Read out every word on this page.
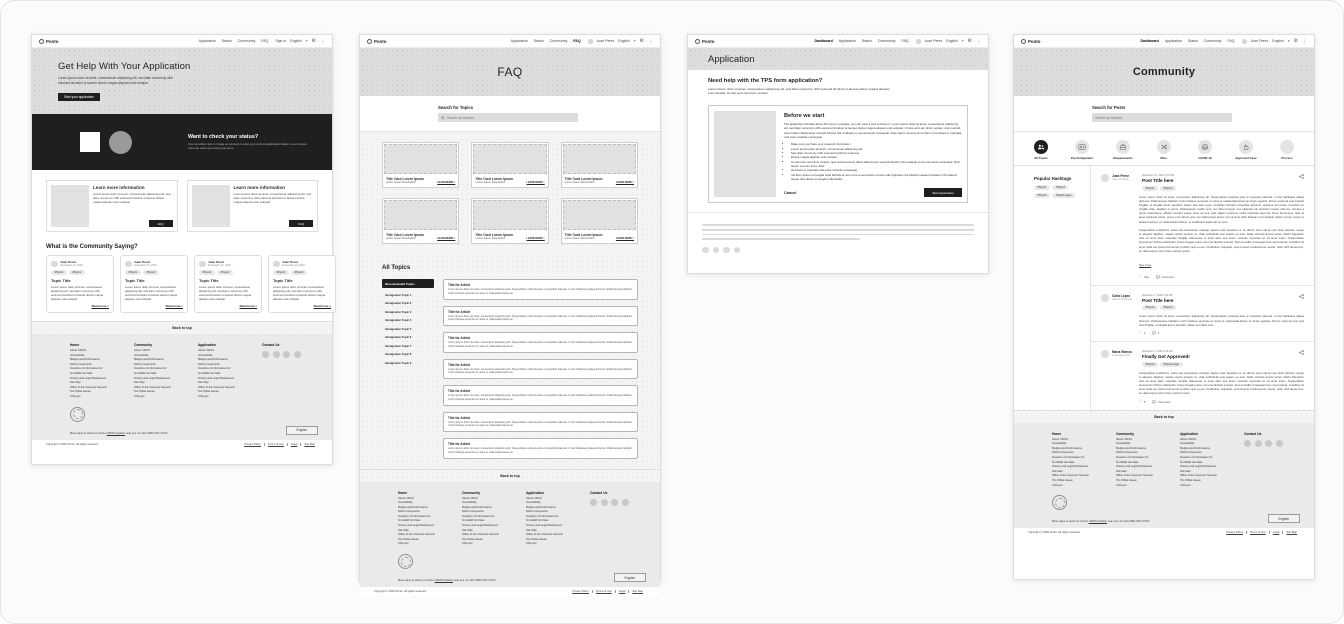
Ponto	Application Status Community FAQ Sign In English ▾ ⚙ ⋮
Get Help With Your Application

Lorem ipsum dolor sit amet, consectetuer adipiscing elit, sed diam nonummy nibh euismod tincidunt ut laoreet dolore magna aliquam erat volutpat.

Start your application
Want to check your status?

You can either sign in create an account to view your current application status. Lorem ipsum mas onu usina que tengo que pone.

Learn more information

Lorem ipsum dolor sit amet, consectetuer adipiscing elit, sed diam nonummy nibh euismod tincidunt ut laoreet dolore magna aliquam erat volutpat.

FAQ
Learn more information

Lorem ipsum dolor sit amet, consectetuer adipiscing elit, sed diam nonummy nibh euismod tincidunt ut laoreet dolore magna aliquam erat volutpat.

FAQ
What is the Community Saying?
Juan Perez
November 13, 2020
#Topic1	#Topic2
Topic Title
Lorem ipsum dolor sit amet, consectetuer adipiscing elit, sed diam nonummy nibh euismod tincidunt ut laoreet dolore magna aliquam erat volutpat.
Read more >
Juan Perez
November 13, 2020
#Topic1	#Topic2
Topic Title
Lorem ipsum dolor sit amet, consectetuer adipiscing elit, sed diam nonummy nibh euismod tincidunt ut laoreet dolore magna aliquam erat volutpat.
Read more >
Juan Perez
November 13, 2020
#Topic1	#Topic2
Topic Title
Lorem ipsum dolor sit amet, consectetuer adipiscing elit, sed diam nonummy nibh euismod tincidunt ut laoreet dolore magna aliquam erat volutpat.
Read more >
Juan Perez
November 13, 2020
#Topic1	#Topic2
Topic Title
Lorem ipsum dolor sit amet, consectetuer adipiscing elit, sed diam nonummy nibh euismod tincidunt ut laoreet dolore magna aliquam erat volutpat.
Read more >
Back to top
Home
About USCIS
Accessibility
Budget and Performance
DHS Components
Freedom of Information Act
No FEAR Act Data
Privacy and Legal Disclaimers
Site Map
Office of the Inspector General
The White House
USA.gov
Community
About USCIS
Accessibility
Budget and Performance
DHS Components
Freedom of Information Act
No FEAR Act Data
Privacy and Legal Disclaimers
Site Map
Office of the Inspector General
The White House
USA.gov
Application
About USCIS
Accessibility
Budget and Performance
DHS Components
Freedom of Information Act
No FEAR Act Data
Privacy and Legal Disclaimers
Site Map
Office of the Inspector General
The White House
USA.gov
Contact Us
More ways to reach us: Find a USCIS location near you. Or call 1-800-XXX-XXXX.
English
Copyright © 2020 Ponto. All rights reserved.	Privacy Policy	Terms of Use	Legal	Site Map
Ponto	Application Status Community FAQ	Juan Perez English ▾ ⚙ ⋮
FAQ
Search for Topics
Search by keyword
Title Card Lorem Ipsum
Lorem Ipsum Description	LEARN MORE >
Title Card Lorem Ipsum
Lorem Ipsum Description	LEARN MORE >
Title Card Lorem Ipsum
Lorem Ipsum Description	LEARN MORE >
Title Card Lorem Ipsum
Lorem Ipsum Description	LEARN MORE >
Title Card Lorem Ipsum
Lorem Ipsum Description	LEARN MORE >
Title Card Lorem Ipsum
Lorem Ipsum Description	LEARN MORE >
All Topics
Recommended Topics
Immigration Topic 1
Immigration Topic 2
Immigration Topic 3
Immigration Topic 4
Immigration Topic 5
Immigration Topic 6
Immigration Topic 7
Immigration Topic 8
Immigration Topic 9
Title for Article

Lorem ipsum dolor sit amet, consectetur adipiscing elit. Suspendisse vehicula ante et imperdiet placerat. In hac habitasse platea dictumst. Pellentesque habitant morbi tristique senectus et netus et malesuada fames ac.

Title for Article

Lorem ipsum dolor sit amet, consectetur adipiscing elit. Suspendisse vehicula ante et imperdiet placerat. In hac habitasse platea dictumst. Pellentesque habitant morbi tristique senectus et netus et malesuada fames ac.

Title for Article

Lorem ipsum dolor sit amet, consectetur adipiscing elit. Suspendisse vehicula ante et imperdiet placerat. In hac habitasse platea dictumst. Pellentesque habitant morbi tristique senectus et netus et malesuada fames ac.

Title for Article

Lorem ipsum dolor sit amet, consectetur adipiscing elit. Suspendisse vehicula ante et imperdiet placerat. In hac habitasse platea dictumst. Pellentesque habitant morbi tristique senectus et netus et malesuada fames ac.

Title for Article

Lorem ipsum dolor sit amet, consectetur adipiscing elit. Suspendisse vehicula ante et imperdiet placerat. In hac habitasse platea dictumst. Pellentesque habitant morbi tristique senectus et netus et malesuada fames ac.

Title for Article

Lorem ipsum dolor sit amet, consectetur adipiscing elit. Suspendisse vehicula ante et imperdiet placerat. In hac habitasse platea dictumst. Pellentesque habitant morbi tristique senectus et netus et malesuada fames ac.

Title for Article

Lorem ipsum dolor sit amet, consectetur adipiscing elit. Suspendisse vehicula ante et imperdiet placerat. In hac habitasse platea dictumst. Pellentesque habitant morbi tristique senectus et netus et malesuada fames ac.

Back to top
Home
About USCIS
Accessibility
Budget and Performance
DHS Components
Freedom of Information Act
No FEAR Act Data
Privacy and Legal Disclaimers
Site Map
Office of the Inspector General
The White House
USA.gov
Community
About USCIS
Accessibility
Budget and Performance
DHS Components
Freedom of Information Act
No FEAR Act Data
Privacy and Legal Disclaimers
Site Map
Office of the Inspector General
The White House
USA.gov
Application
About USCIS
Accessibility
Budget and Performance
DHS Components
Freedom of Information Act
No FEAR Act Data
Privacy and Legal Disclaimers
Site Map
Office of the Inspector General
The White House
USA.gov
Contact Us
More ways to reach us: Find a USCIS location near you. Or call 1-800-XXX-XXXX.
English
Copyright © 2020 Ponto. All rights reserved.	Privacy Policy	Terms of Use	Legal	Site Map
Ponto	Dashboard Application Status Community FAQ	Juan Perez English ▾ ⚙ ⋮
Application
Need help with the TPS form application?

Lorem ipsum dolor sit amet, consectetuer adipiscing elit, sed diam nonummy nibh euismod tincidunt ut laoreet dolore magna aliquam erat volutpat. Ut wisi enim ad minim veniam.

Before we start

The application will take about 45 mins to complete, you can save it and continue it. Lorem ipsum dolor sit amet, consectetuer adipiscing elit, sed diam nonummy nibh euismod tincidunt ut laoreet dolore magna aliquam erat volutpat. Ut wisi enim ad minim veniam, quis nostrud exerci tation ullamcorper suscipit lobortis nisl ut aliquip ex ea commodo consequat. Duis autem vel eum iriure dolor in hendrerit in vulputate velit esse molestie consequat

• Make sure you have your passport information
• Lorem ipsum dolor sit amet, consectetuer adipiscing elit
• Sed diam nonummy nibh euismod tincidunt ut laoreet
• Dolore magna aliquam erat volutpat
• Ut wisi enim ad minim veniam, quis nostrud exerci tation ullamcorper suscipit lobortis nisl ut aliquip ex ea commodo consequat. Duis autem vel eum iriure dolor
• Hendrerit in vulputate velit esse molestie consequat,
• Vel illum dolore eu feugiat nulla facilisis at vero eros et accumsan et iusto odio dignissim qui blandit praesent luptatum zzril delenit augue duis dolore te feugait nulla facilisi
Cancel	Start Application
Ponto	Dashboard Application Status Community FAQ	Juan Perez English ▾ ⚙ ⋮
Community
Search for Posts
Search by keyword
All Topics	Pre-Immigration	Requirements	Misc.	COVID-19	Approved Case	Process
Popular Hashtags
#Topic1	#Topic2
#Topic3	#TopicLonger
Juan Perez
Case Pending
November 24, 2020 4:13 PM
Post Title here
#Topic1	#Topic2

Lorem ipsum dolor sit amet, consectetur adipiscing elit. Suspendisse vehicula ante et imperdiet placerat. In hac habitasse platea dictumst. Pellentesque habitant morbi tristique senectus et netus et malesuada fames ac turpis egestas. Donec euismod erat suscipit fringilla, ut fringilla ipsum faucibus. Etiam sed diam eyes. Curabitur tincidunt imperdiet dictumst. Quisque dui lectus, hendrerit eu fringilla vitae, dapibus ut purus. Pellentesque mattis nunc nec diam tempus, nec placerat erat tincidunt. Fusce odio leo, tempus a purus scelerisque, efficitur suscipit neque. Duis vel sem quis sapien maximus mollis imperdiet eget dui. Nunc fermentum, felis sit amet hendrerit varius, purus urna rutrum erat, nec ullamcorper lectus orci sit amet nibh. Aliquam erat volutpat. Etiam cursus, ipsum ut eleifend dictum, ex nulla eleifend libero, ut vestibulum ligula elit vel eros.

Suspendisse vestibulum, tellus sed consectetur volutpat, sapien tortor faucibus ex, eu dictum ante erat at eros. Nam ultricies, neque et aliquam dapibus, massa mauris pretium ex, vitae sollicitudin erat sapien eu ante. Nulla vehicula auctor lectus. Morbi bibendum odio sit amet diam vulputate fringilla. Maecenas ut amet diam sed lorem molestie imperdiet ac sit amet lorem. Suspendisse elementum finibus sollicitudin. Fusce feugiat metus vel urna facilisis suscipit. Sed convallis consequat risus sed pulvinar. Curabitur sit amet nulla nec ipsum fermentum porttitor quis a eros. Vestibulum vulputate, erat sit amet condimentum auctor, dolor nibh laoreet leo, eu ullamcorper tortor diam pretium ipsum.

See more
♡ Like	Comment
Carla Lopez
Case in Progress
November 7, 2020 1:20 PM
Post Title here
#Topic2	#Topic3

Lorem ipsum dolor sit amet, consectetur adipiscing elit. Suspendisse vehicula ante et imperdiet placerat. In hac habitasse platea dictumst. Pellentesque habitant morbi tristique senectus et netus et malesuada fames ac turpis egestas. Donec euismod erat quis erat fringilla, ut fringilla ipsum faucibus. Etiam sed diam eros.

♡ 2	1
Maria Ramos
Case Approved
November 5, 2020 9:16 AM
Finally Got Approved!
#Topic3	#TopicLonger

Suspendisse vestibulum, tellus sed consectetur volutpat, sapien tortor faucibus ex, eu dictum ante erat at eros. Nam ultricies, neque et aliquam dapibus, massa mauris pretium ex, vitae sollicitudin erat sapien eu ante. Nulla vehicula auctor lectus. Morbi bibendum odio sit amet diam vulputate fringilla. Maecenas ut amet diam sed lorem molestie imperdiet ac sit amet lorem. Suspendisse elementum finibus sollicitudin. Fusce feugiat metus vel urna facilisis suscipit. Sed convallis consequat risus sed pulvinar. Curabitur sit amet nulla nec ipsum fermentum porttitor quis a eros. Vestibulum vulputate, erat sit amet condimentum auctor, dolor nibh laoreet leo, eu ullamcorper tortor diam pretium ipsum.

♡ 5	Comment
Back to top
Home
About USCIS
Accessibility
Budget and Performance
DHS Components
Freedom of Information Act
No FEAR Act Data
Privacy and Legal Disclaimers
Site Map
Office of the Inspector General
The White House
USA.gov
Community
About USCIS
Accessibility
Budget and Performance
DHS Components
Freedom of Information Act
No FEAR Act Data
Privacy and Legal Disclaimers
Site Map
Office of the Inspector General
The White House
USA.gov
Application
About USCIS
Accessibility
Budget and Performance
DHS Components
Freedom of Information Act
No FEAR Act Data
Privacy and Legal Disclaimers
Site Map
Office of the Inspector General
The White House
USA.gov
Contact Us
More ways to reach us: Find a USCIS location near you. Or call 1-800-XXX-XXXX.
English
Copyright © 2020 Ponto. All rights reserved.	Privacy Policy	Terms of Use	Legal	Site Map
